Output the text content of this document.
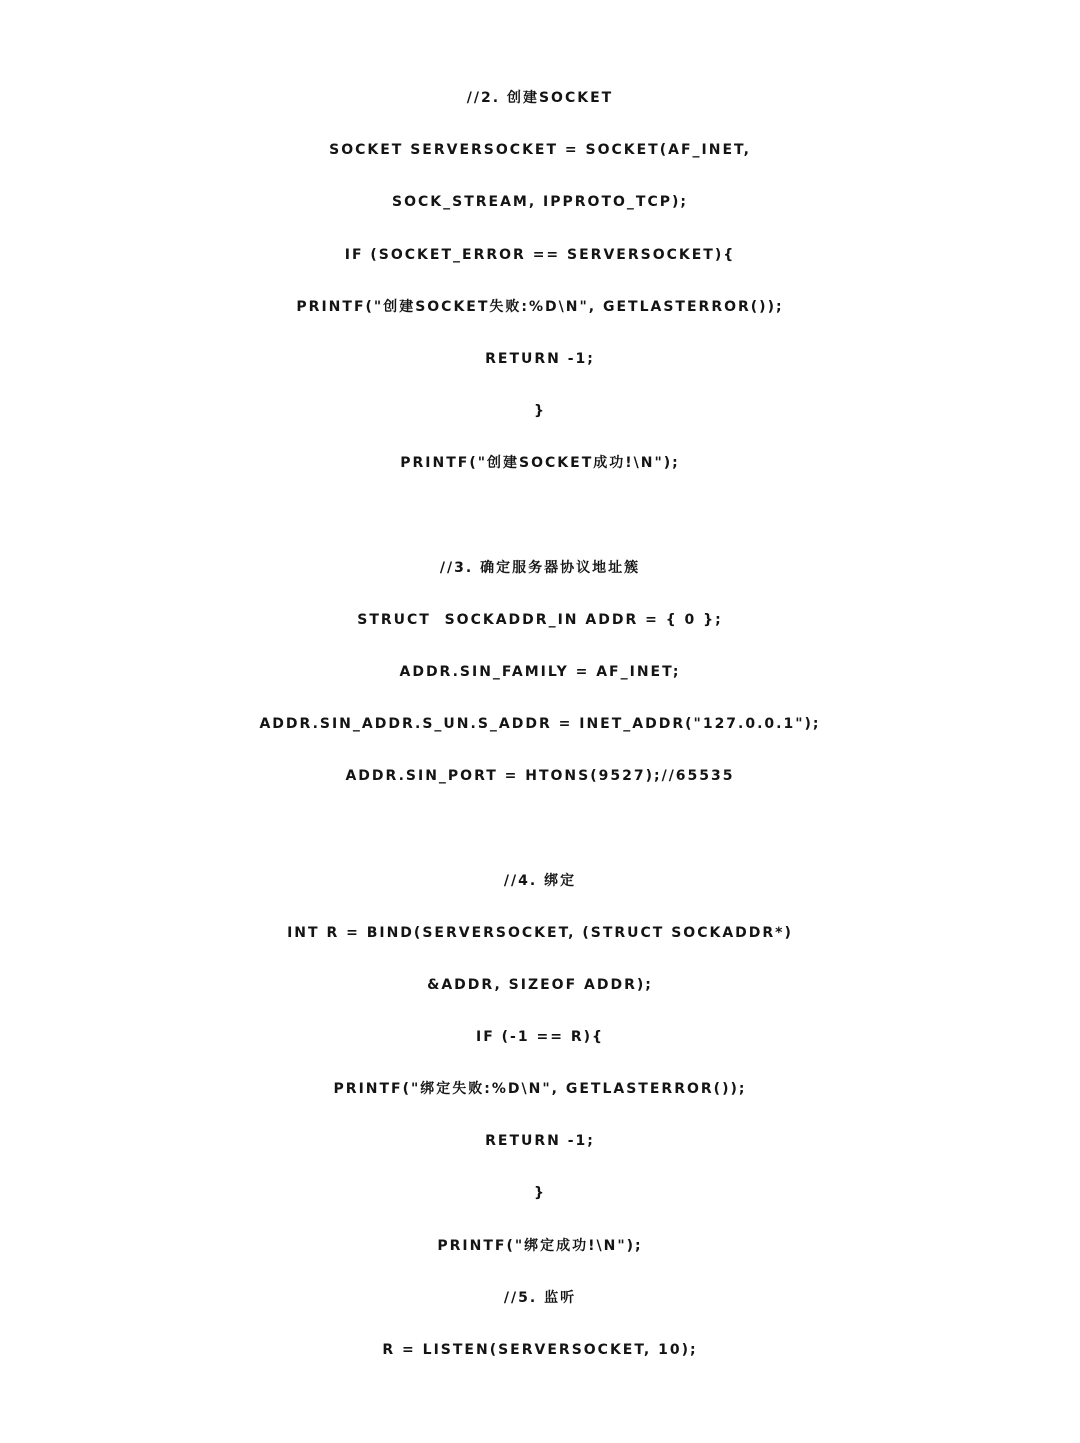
//2. 创建SOCKET
SOCKET SERVERSOCKET = SOCKET(AF_INET,
SOCK_STREAM, IPPROTO_TCP);
IF (SOCKET_ERROR == SERVERSOCKET){
PRINTF("创建SOCKET失败:%D\N", GETLASTERROR());
RETURN -1;
}
PRINTF("创建SOCKET成功!\N");
//3. 确定服务器协议地址簇
STRUCT  SOCKADDR_IN ADDR = { 0 };
ADDR.SIN_FAMILY = AF_INET;
ADDR.SIN_ADDR.S_UN.S_ADDR = INET_ADDR("127.0.0.1");
ADDR.SIN_PORT = HTONS(9527);//65535
//4. 绑定
INT R = BIND(SERVERSOCKET, (STRUCT SOCKADDR*)
&ADDR, SIZEOF ADDR);
IF (-1 == R){
PRINTF("绑定失败:%D\N", GETLASTERROR());
RETURN -1;
}
PRINTF("绑定成功!\N");
//5. 监听
R = LISTEN(SERVERSOCKET, 10);
